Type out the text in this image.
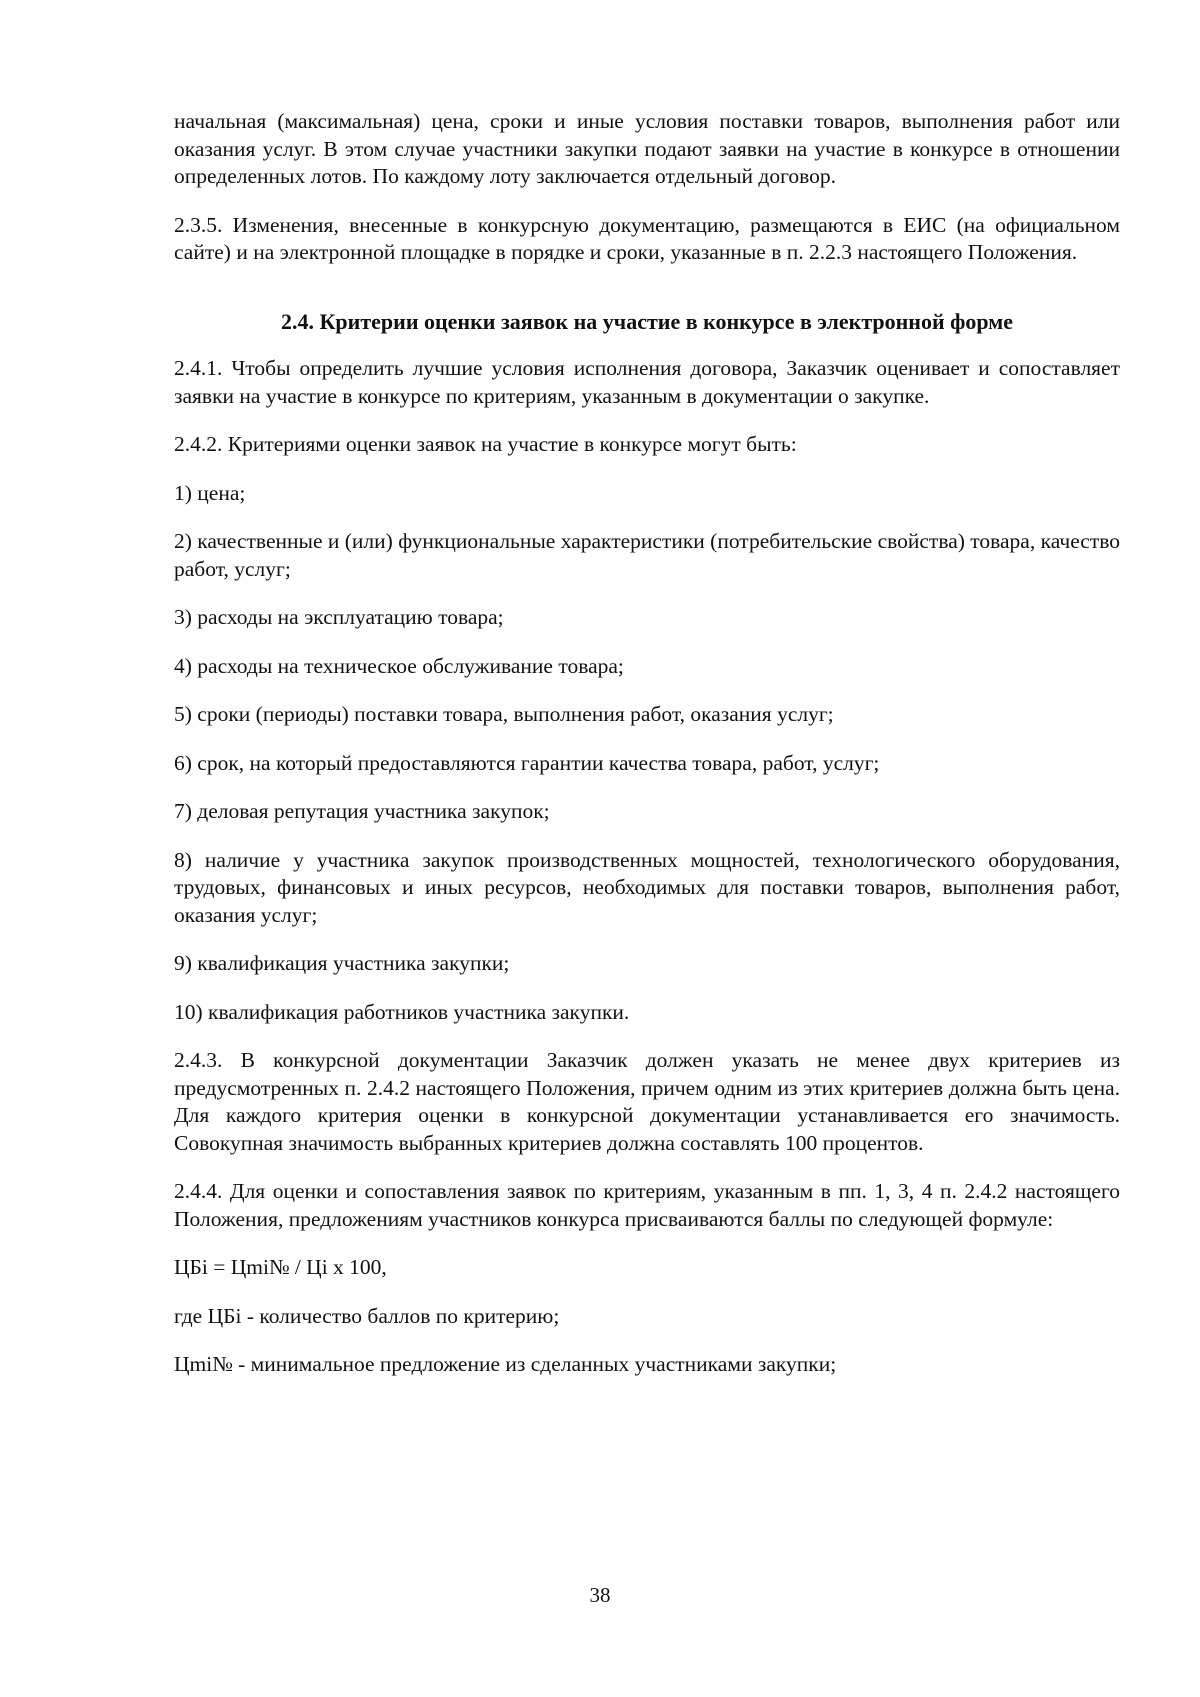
начальная (максимальная) цена, сроки и иные условия поставки товаров, выполнения работ или оказания услуг. В этом случае участники закупки подают заявки на участие в конкурсе в отношении определенных лотов. По каждому лоту заключается отдельный договор.

2.3.5. Изменения, внесенные в конкурсную документацию, размещаются в ЕИС (на официальном сайте) и на электронной площадке в порядке и сроки, указанные в п. 2.2.3 настоящего Положения.

2.4. Критерии оценки заявок на участие в конкурсе в электронной форме

2.4.1. Чтобы определить лучшие условия исполнения договора, Заказчик оценивает и сопоставляет заявки на участие в конкурсе по критериям, указанным в документации о закупке.

2.4.2. Критериями оценки заявок на участие в конкурсе могут быть:

1) цена;

2) качественные и (или) функциональные характеристики (потребительские свойства) товара, качество работ, услуг;

3) расходы на эксплуатацию товара;

4) расходы на техническое обслуживание товара;

5) сроки (периоды) поставки товара, выполнения работ, оказания услуг;

6) срок, на который предоставляются гарантии качества товара, работ, услуг;

7) деловая репутация участника закупок;

8) наличие у участника закупок производственных мощностей, технологического оборудования, трудовых, финансовых и иных ресурсов, необходимых для поставки товаров, выполнения работ, оказания услуг;

9) квалификация участника закупки;

10) квалификация работников участника закупки.

2.4.3. В конкурсной документации Заказчик должен указать не менее двух критериев из предусмотренных п. 2.4.2 настоящего Положения, причем одним из этих критериев должна быть цена. Для каждого критерия оценки в конкурсной документации устанавливается его значимость. Совокупная значимость выбранных критериев должна составлять 100 процентов.

2.4.4. Для оценки и сопоставления заявок по критериям, указанным в пп. 1, 3, 4 п. 2.4.2 настоящего Положения, предложениям участников конкурса присваиваются баллы по следующей формуле:

ЦБi = Цmi№ / Цi x 100,

где ЦБi - количество баллов по критерию;

Цmi№ - минимальное предложение из сделанных участниками закупки;

38
